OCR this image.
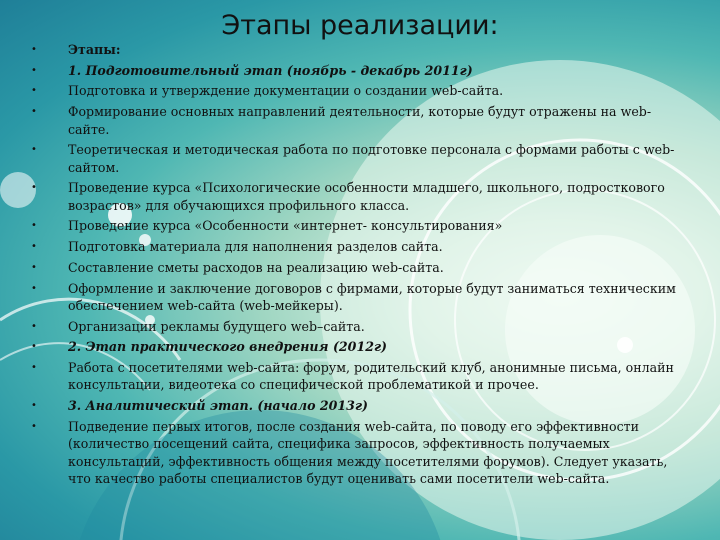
Этапы реализации:
• Этапы:
• 1. Подготовительный этап (ноябрь - декабрь 2011г)
• Подготовка и утверждение документации о создании web-сайта.
• Формирование основных направлений деятельности, которые будут отражены на web-сайте.
• Теоретическая и методическая работа по подготовке персонала с формами работы с web-сайтом.
• Проведение курса «Психологические особенности младшего, школьного, подросткового возрастов» для обучающихся профильного класса.
• Проведение курса «Особенности «интернет- консультирования»
• Подготовка материала для наполнения разделов сайта.
• Составление сметы расходов на реализацию web-сайта.
• Оформление и заключение договоров с фирмами, которые будут заниматься техническим обеспечением web-сайта (web-мейкеры).
• Организации рекламы будущего web–сайта.
• 2. Этап практического внедрения (2012г)
• Работа с посетителями web-сайта: форум, родительский клуб, анонимные письма, онлайн консультации, видеотека со специфической проблематикой и прочее.
• 3. Аналитический этап. (начало 2013г)
• Подведение первых итогов, после создания web-сайта, по поводу его эффективности (количество посещений сайта, специфика запросов, эффективность получаемых консультаций, эффективность общения между посетителями форумов). Следует указать, что качество работы специалистов будут оценивать сами посетители web-сайта.
